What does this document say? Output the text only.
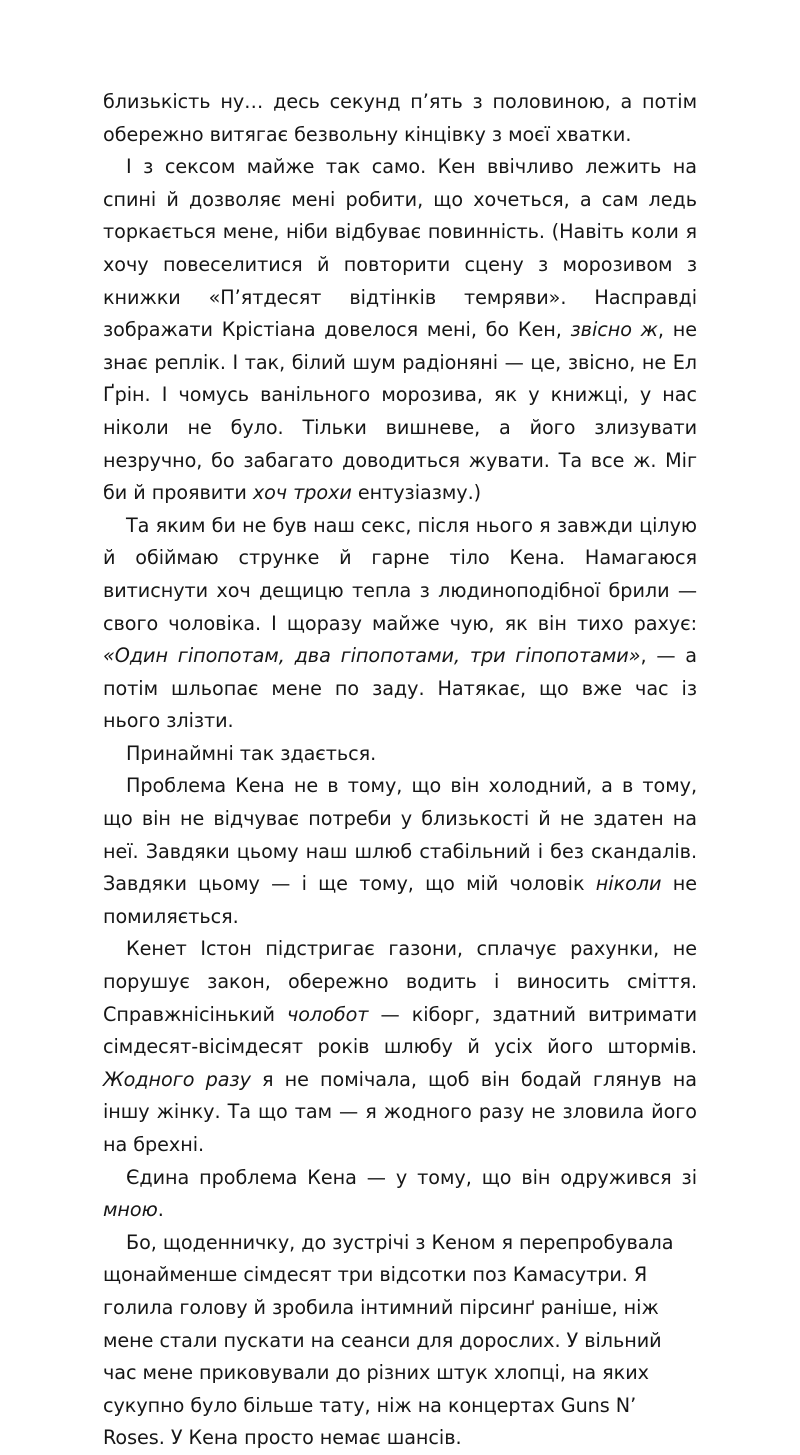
близькість ну… десь секунд п’ять з половиною, а потім обережно витягає безвольну кінцівку з моєї хватки.

І з сексом майже так само. Кен ввічливо лежить на спині й дозволяє мені робити, що хочеться, а сам ледь торкається мене, ніби відбуває повинність. (Навіть коли я хочу повеселитися й повторити сцену з морозивом з книжки «П’ятдесят відтінків темряви». Насправді зображати Крістіана довелося мені, бо Кен, звісно ж, не знає реплік. І так, білий шум радіоняні — це, звісно, не Ел Ґрін. І чомусь ванільного морозива, як у книжці, у нас ніколи не було. Тільки вишневе, а його злизувати незручно, бо забагато доводиться жувати. Та все ж. Міг би й проявити хоч трохи ентузіазму.)

Та яким би не був наш секс, після нього я завжди цілую й обіймаю стрункe й гарне тіло Кена. Намагаюся витиснути хоч дещицю тепла з людиноподібної брили — свого чоловіка. І щоразу майже чую, як він тихо рахує: «Один гіпопотам, два гіпопотами, три гіпопотами», — а потім шльопає мене по заду. Натякає, що вже час із нього злізти.

Принаймні так здається.

Проблема Кена не в тому, що він холодний, а в тому, що він не відчуває потреби у близькості й не здатен на неї. Завдяки цьому наш шлюб стабільний і без скандалів. Завдяки цьому — і ще тому, що мій чоловік ніколи не помиляється.

Кенет Істон підстригає газони, сплачує рахунки, не порушує закон, обережно водить і виносить сміття. Справжнісінький чолобот — кіборг, здатний витримати сімдесят-вісімдесят років шлюбу й усіх його штормів. Жодного разу я не помічала, щоб він бодай глянув на іншу жінку. Та що там — я жодного разу не зловила його на брехні.

Єдина проблема Кена — у тому, що він одружився зі мною.

Бо, щоденничку, до зустрічі з Кеном я перепробувала щонайменше сімдесят три відсотки поз Камасутри. Я голила голову й зробила інтимний пірсинґ раніше, ніж мене стали пускати на сеанси для дорослих. У вільний час мене приковували до різних штук хлопці, на яких сукупно було більше тату, ніж на концертах Guns N’ Roses. У Кена просто немає шансів.
